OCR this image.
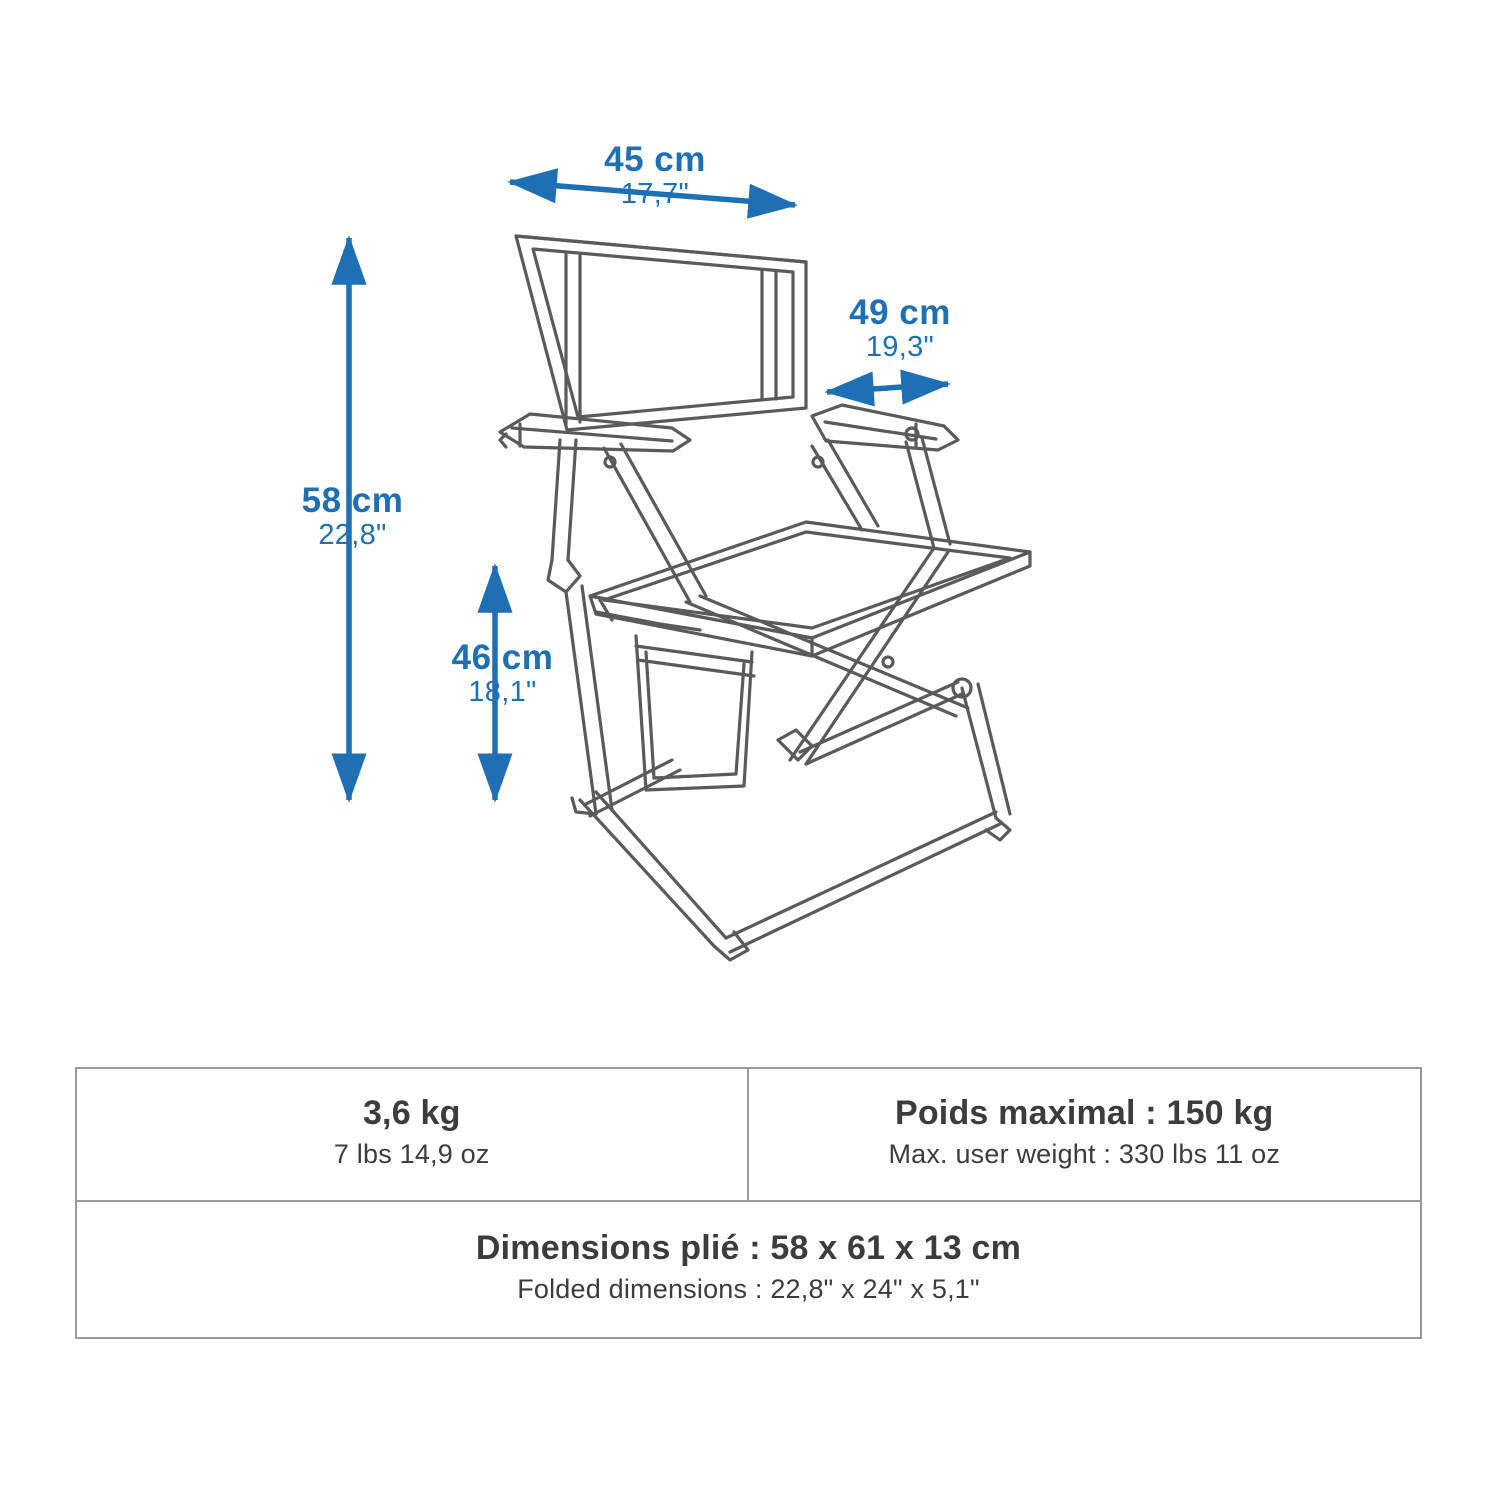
45 cm
17,7"
49 cm
19,3"
58 cm
22,8"
46 cm
18,1"
3,6 kg
7 lbs 14,9 oz
Poids maximal : 150 kg
Max. user weight : 330 lbs 11 oz
Dimensions plié : 58 x 61 x 13 cm
Folded dimensions : 22,8" x 24" x 5,1"
